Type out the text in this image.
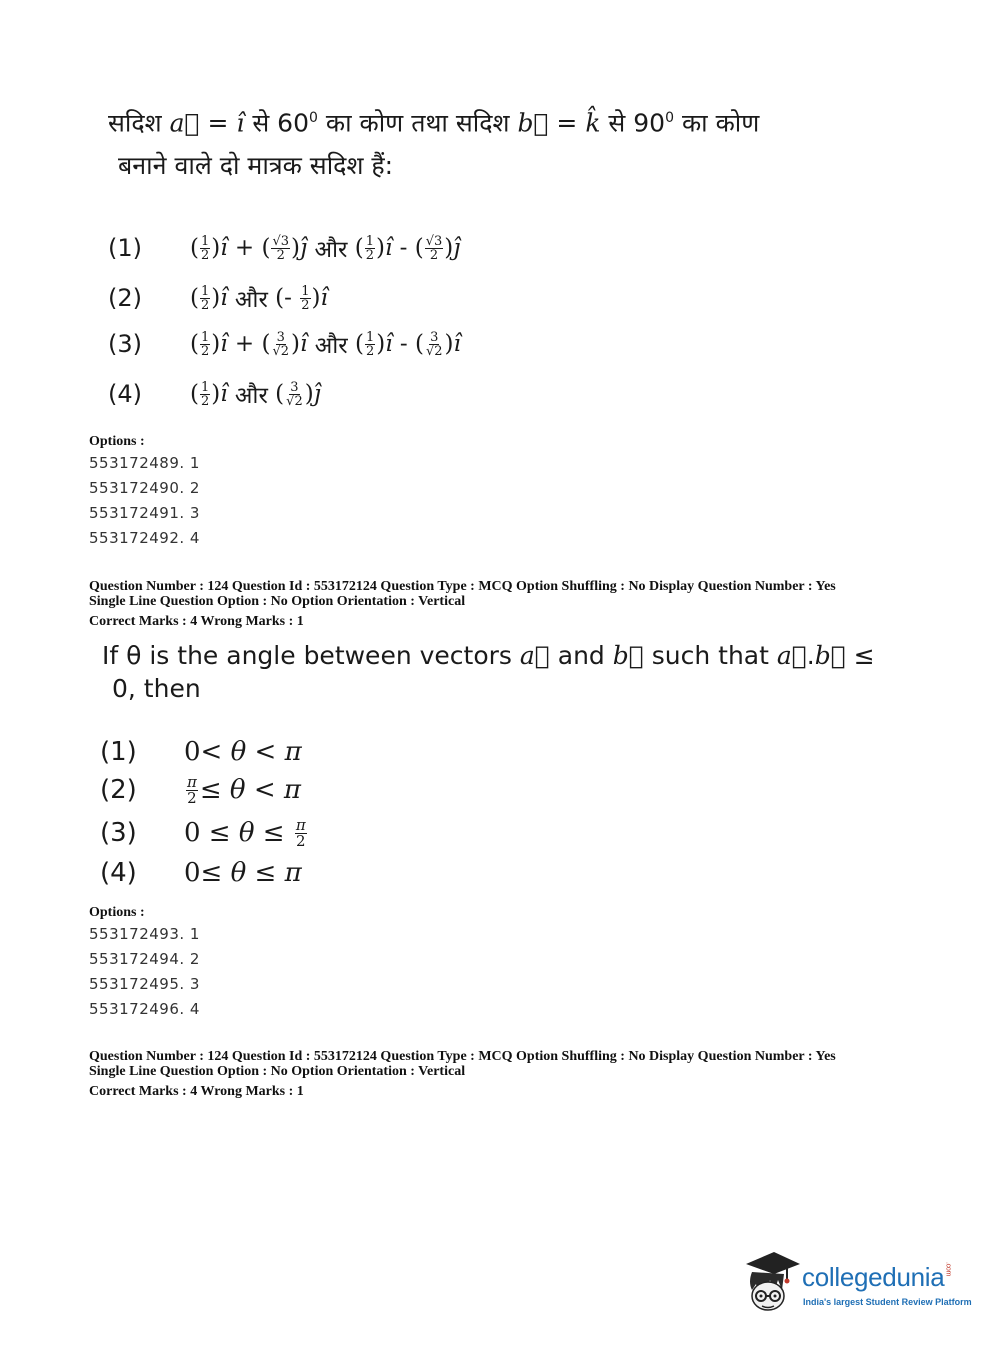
सदिश a⃗ = ı̂ से $60^0$ का कोण तथा सदिश b⃗ = k̂ से $90^0$ का कोण
बनाने वाले दो मात्रक सदिश हैं:
(1)	( $\frac{1}{2}$ ) ı̂ + ( $\frac{√3}{2}$ ) ȷ̂
और ( $\frac{1}{2}$ ) ı̂ - ( $\frac{√3}{2}$ ) ȷ̂
(2)	( $\frac{1}{2}$ ) ı̂
और (- $\frac{1}{2}$ ) ı̂
(3)	( $\frac{1}{2}$ ) ı̂ + ( $\frac{3}{√2}$ ) ı̂
और ( $\frac{1}{2}$ ) ı̂ - ( $\frac{3}{√2}$ ) ı̂
(4)	( $\frac{1}{2}$ ) ı̂
और ( $\frac{3}{√2}$ ) ȷ̂
Options :
553172489. 1
553172490. 2
553172491. 3
553172492. 4
Question Number : 124 Question Id : 553172124 Question Type : MCQ Option Shuffling : No Display Question Number : Yes
Single Line Question Option : No Option Orientation : Vertical
Correct Marks : 4 Wrong Marks : 1
If θ is the angle between vectors a⃗ and b⃗ such that a⃗.b⃗ ≤
0, then
(1)	0< θ < π
(2)	$\frac{\pi}{2} \le \theta < \pi$
(3)	$0 \le \theta \le \frac{\pi}{2}$
(4)	0≤ θ ≤ π
Options :
553172493. 1
553172494. 2
553172495. 3
553172496. 4
Question Number : 124 Question Id : 553172124 Question Type : MCQ Option Shuffling : No Display Question Number : Yes
Single Line Question Option : No Option Orientation : Vertical
Correct Marks : 4 Wrong Marks : 1
collegedunia.com
India's largest Student Review Platform
